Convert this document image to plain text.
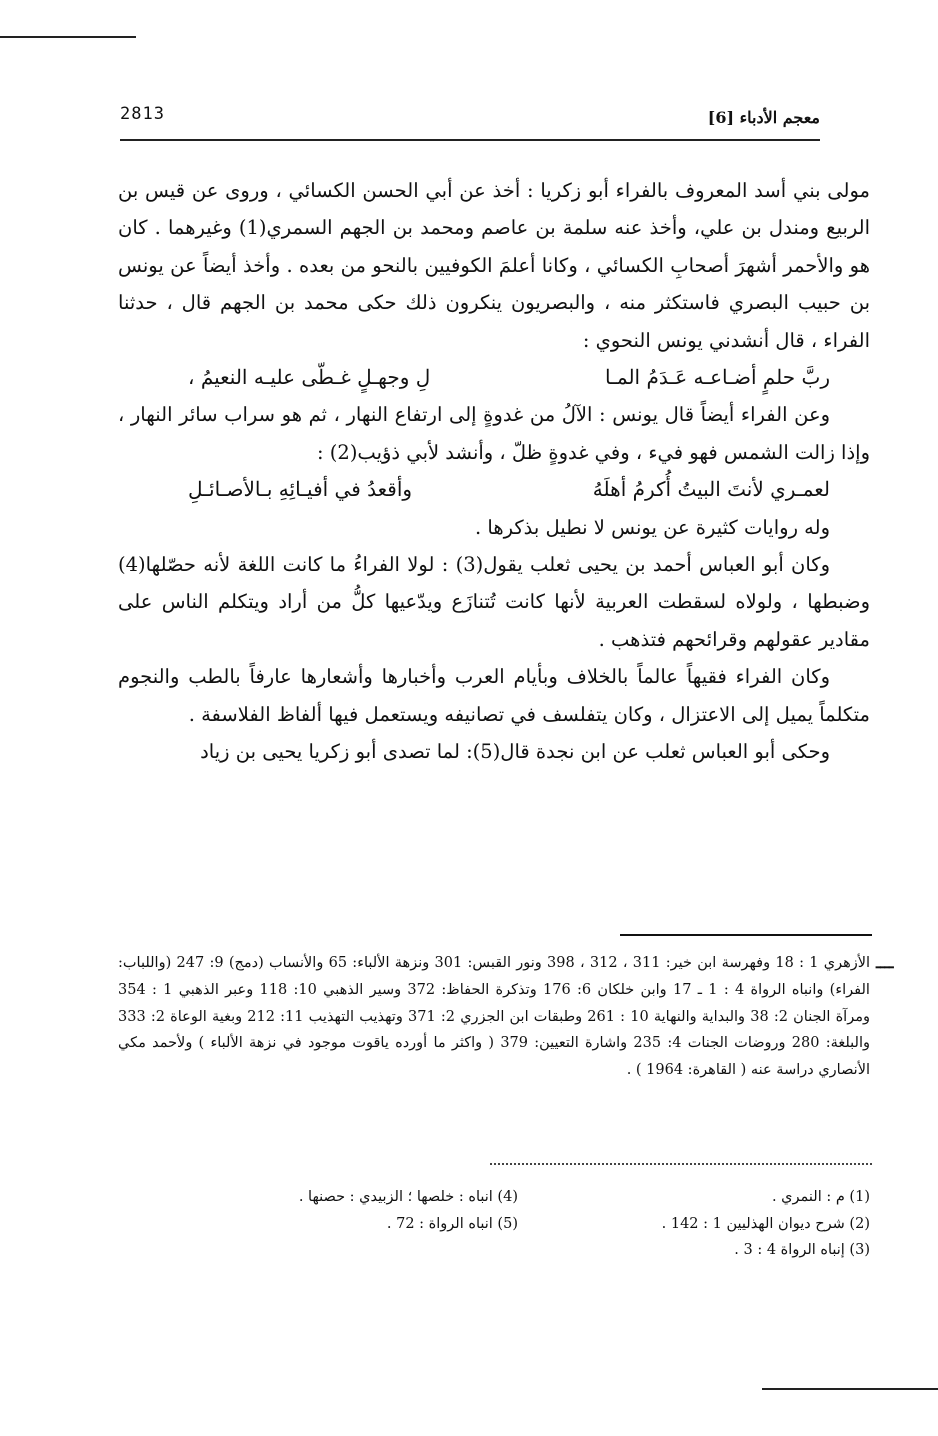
2813	معجم الأدباء [6]

مولى بني أسد المعروف بالفراء أبو زكريا : أخذ عن أبي الحسن الكسائي ، وروى عن قيس بن الربيع ومندل بن علي، وأخذ عنه سلمة بن عاصم ومحمد بن الجهم السمري(1) وغيرهما . كان هو والأحمر أشهرَ أصحابِ الكسائي ، وكانا أعلمَ الكوفيين بالنحو من بعده . وأخذ أيضاً عن يونس بن حبيب البصري فاستكثر منه ، والبصريون ينكرون ذلك حكى محمد بن الجهم قال ، حدثنا الفراء ، قال أنشدني يونس النحوي :

ربَّ حلمٍ أضـاعـه عَـدَمُ المـا
لِ وجهـلٍ غـطّى عليـه النعيمُ ،

وعن الفراء أيضاً قال يونس : الآلُ من غدوةٍ إلى ارتفاع النهار ، ثم هو سراب سائر النهار ، وإذا زالت الشمس فهو فيء ، وفي غدوةٍ ظلّ ، وأنشد لأبي ذؤيب(2) :

لعمـري لأنتَ البيتُ أُكرمُ أهلَهُ
وأقعدُ في أفيـائِهِ بـالأصـائـلِ

وله روايات كثيرة عن يونس لا نطيل بذكرها .

وكان أبو العباس أحمد بن يحيى ثعلب يقول(3) : لولا الفراءُ ما كانت اللغة لأنه حصّلها(4) وضبطها ، ولولاه لسقطت العربية لأنها كانت تُتنازَع ويدّعيها كلُّ من أراد ويتكلم الناس على مقادير عقولهم وقرائحهم فتذهب .

وكان الفراء فقيهاً عالماً بالخلاف وبأيام العرب وأخبارها وأشعارها عارفاً بالطب والنجوم متكلماً يميل إلى الاعتزال ، وكان يتفلسف في تصانيفه ويستعمل فيها ألفاظ الفلاسفة .

وحكى أبو العباس ثعلب عن ابن نجدة قال(5): لما تصدى أبو زكريا يحيى بن زياد

ــــ
الأزهري 1 : 18 وفهرسة ابن خير: 311 ، 312 ، 398 ونور القبس: 301 ونزهة الألباء: 65 والأنساب (دمج) 9: 247 (واللباب: الفراء) وانباه الرواة 4 : 1 ـ 17 وابن خلكان 6: 176 وتذكرة الحفاظ: 372 وسير الذهبي 10: 118 وعبر الذهبي 1 : 354 ومرآة الجنان 2: 38 والبداية والنهاية 10 : 261 وطبقات ابن الجزري 2: 371 وتهذيب التهذيب 11: 212 وبغية الوعاة 2: 333 والبلغة: 280 وروضات الجنات 4: 235 واشارة التعيين: 379 ( واكثر ما أورده ياقوت موجود في نزهة الألباء ) ولأحمد مكي الأنصاري دراسة عنه ( القاهرة: 1964 ) .

(1) م : النمري .

(2) شرح ديوان الهذليين 1 : 142 .

(3) إنباه الرواة 4 : 3 .

(4) انباه : خلصها ؛ الزبيدي : حصنها .

(5) انباه الرواة : 72 .
